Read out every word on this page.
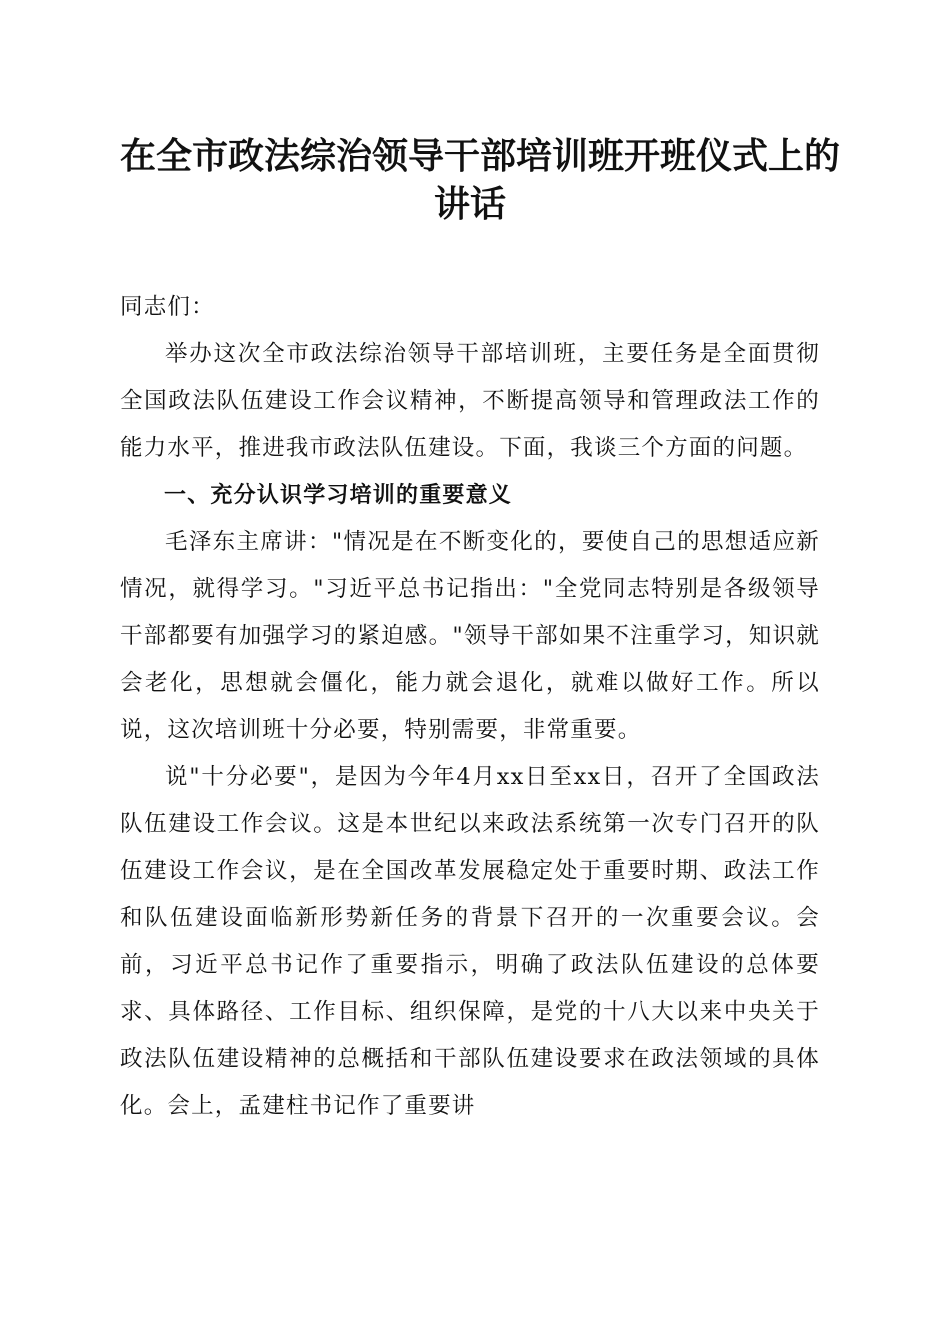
在全市政法综治领导干部培训班开班仪式上的
讲话

同志们：

举办这次全市政法综治领导干部培训班，主要任务是全面贯彻全国政法队伍建设工作会议精神，不断提高领导和管理政法工作的能力水平，推进我市政法队伍建设。下面，我谈三个方面的问题。

一、充分认识学习培训的重要意义

毛泽东主席讲："情况是在不断变化的，要使自己的思想适应新情况，就得学习。"习近平总书记指出："全党同志特别是各级领导干部都要有加强学习的紧迫感。"领导干部如果不注重学习，知识就会老化，思想就会僵化，能力就会退化，就难以做好工作。所以说，这次培训班十分必要，特别需要，非常重要。

说"十分必要"，是因为今年4月xx日至xx日，召开了全国政法队伍建设工作会议。这是本世纪以来政法系统第一次专门召开的队伍建设工作会议，是在全国改革发展稳定处于重要时期、政法工作和队伍建设面临新形势新任务的背景下召开的一次重要会议。会前，习近平总书记作了重要指示，明确了政法队伍建设的总体要求、具体路径、工作目标、组织保障，是党的十八大以来中央关于政法队伍建设精神的总概括和干部队伍建设要求在政法领域的具体化。会上，孟建柱书记作了重要讲
